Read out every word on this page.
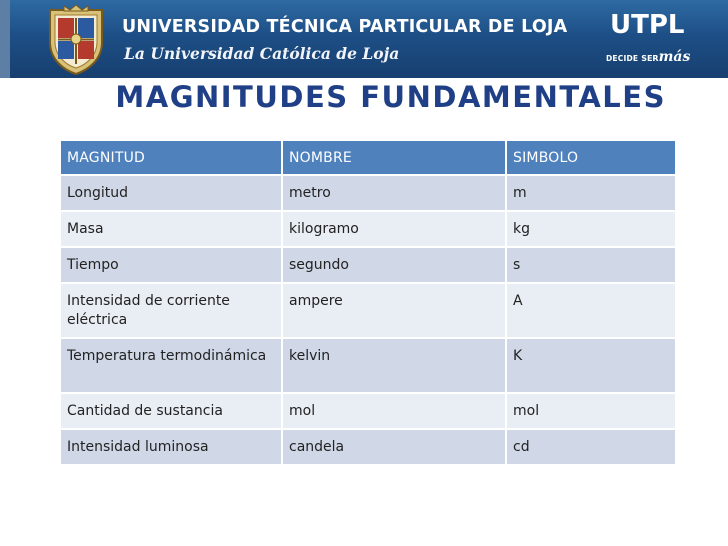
UNIVERSIDAD TÉCNICA PARTICULAR DE LOJA
La Universidad Católica de Loja
UTPL
DECIDE SERmás
MAGNITUDES FUNDAMENTALES
MAGNITUD	NOMBRE	SIMBOLO
Longitud	metro	m
Masa	kilogramo	kg
Tiempo	segundo	s
Intensidad de corriente eléctrica	ampere	A
Temperatura termodinámica	kelvin	K
Cantidad de sustancia	mol	mol
Intensidad luminosa	candela	cd
